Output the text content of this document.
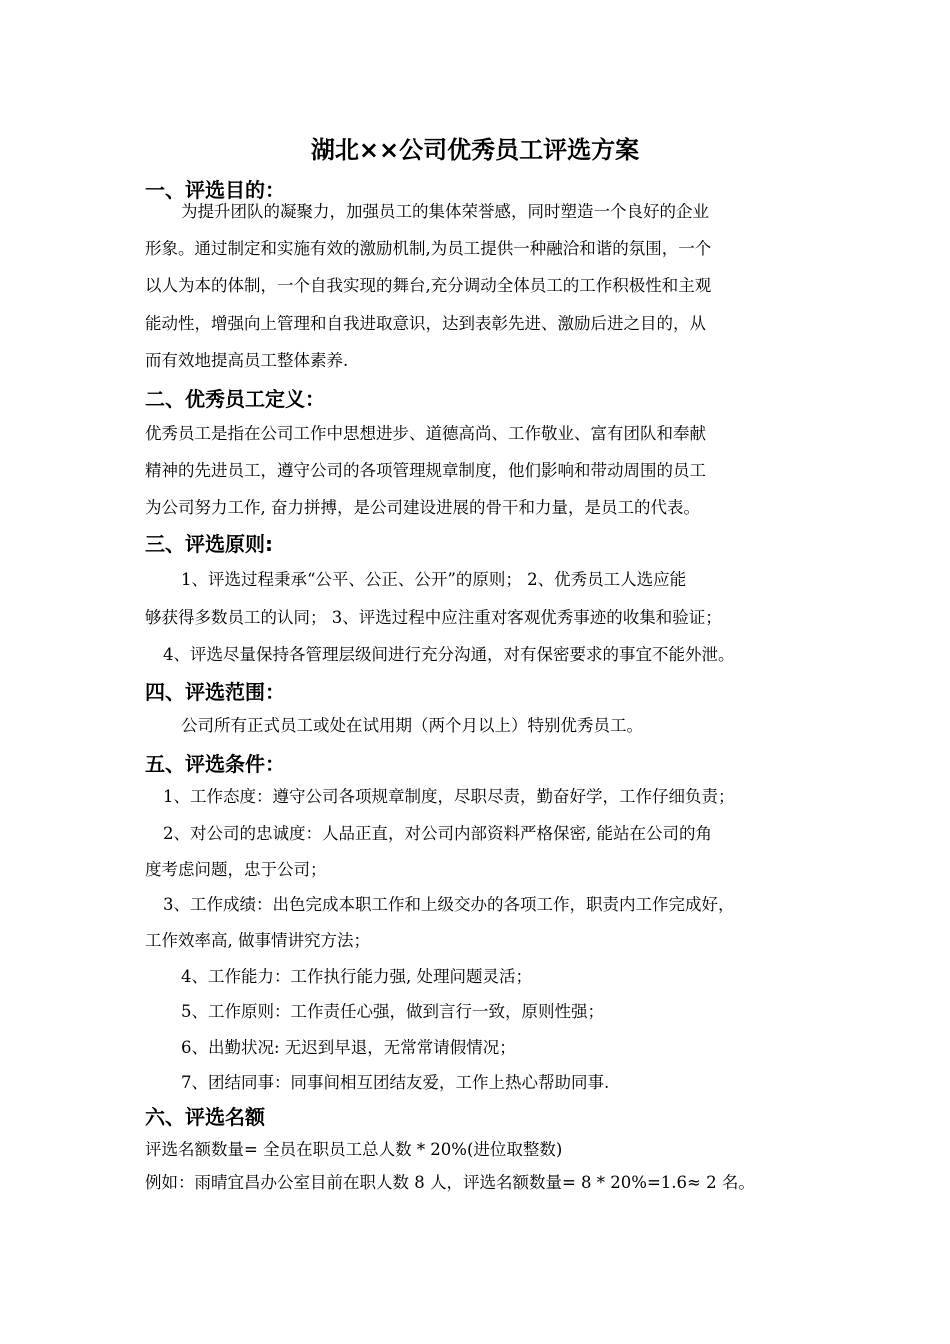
湖北××公司优秀员工评选方案
一、评选目的：

为提升团队的凝聚力，加强员工的集体荣誉感，同时塑造一个良好的企业

形象。通过制定和实施有效的激励机制,为员工提供一种融洽和谐的氛围，一个

以人为本的体制，一个自我实现的舞台,充分调动全体员工的工作积极性和主观

能动性，增强向上管理和自我进取意识，达到表彰先进、激励后进之目的，从

而有效地提高员工整体素养.

二、优秀员工定义：

优秀员工是指在公司工作中思想进步、道德高尚、工作敬业、富有团队和奉献

精神的先进员工，遵守公司的各项管理规章制度，他们影响和带动周围的员工

为公司努力工作, 奋力拼搏，是公司建设进展的骨干和力量，是员工的代表。

三、评选原则:

1、评选过程秉承“公平、公正、公开”的原则； 2、优秀员工人选应能

够获得多数员工的认同； 3、评选过程中应注重对客观优秀事迹的收集和验证；

4、评选尽量保持各管理层级间进行充分沟通，对有保密要求的事宜不能外泄。

四、评选范围：

公司所有正式员工或处在试用期（两个月以上）特别优秀员工。

五、评选条件：

1、工作态度：遵守公司各项规章制度，尽职尽责，勤奋好学，工作仔细负责；

2、对公司的忠诚度：人品正直，对公司内部资料严格保密, 能站在公司的角

度考虑问题，忠于公司；

3、工作成绩：出色完成本职工作和上级交办的各项工作，职责内工作完成好，

工作效率高, 做事情讲究方法；

4、工作能力：工作执行能力强, 处理问题灵活；

5、工作原则：工作责任心强，做到言行一致，原则性强；

6、出勤状况: 无迟到早退，无常常请假情况；

7、团结同事：同事间相互团结友爱，工作上热心帮助同事.

六、评选名额

评选名额数量= 全员在职员工总人数 * 20%(进位取整数)

例如：雨晴宜昌办公室目前在职人数 8 人，评选名额数量= 8 * 20%=1.6≈ 2 名。
